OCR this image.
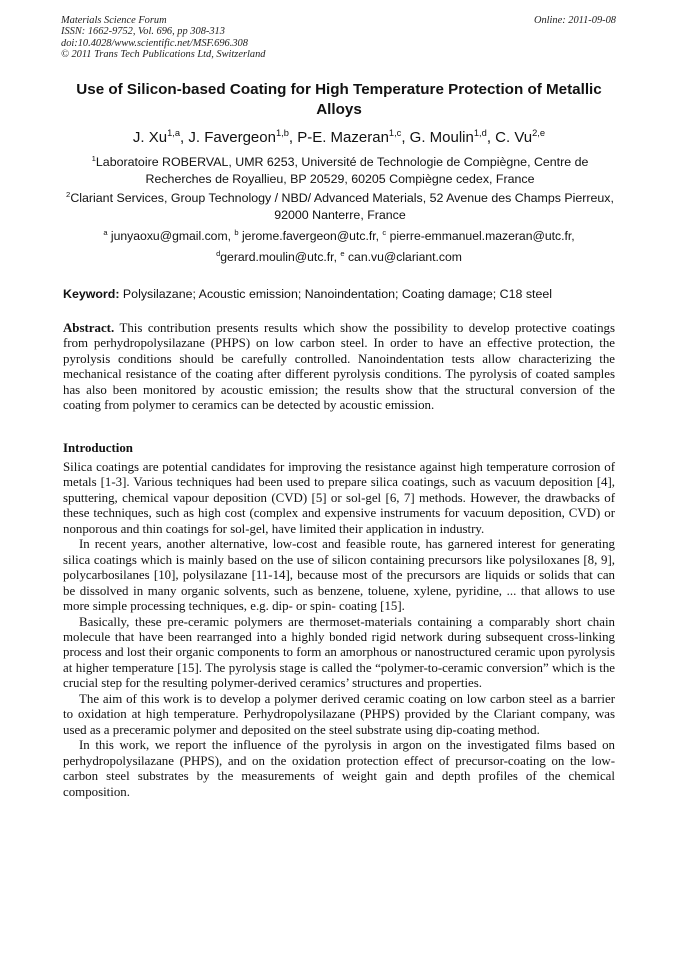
Materials Science Forum
ISSN: 1662-9752, Vol. 696, pp 308-313
doi:10.4028/www.scientific.net/MSF.696.308
© 2011 Trans Tech Publications Ltd, Switzerland
Online: 2011-09-08
Use of Silicon-based Coating for High Temperature Protection of Metallic Alloys
J. Xu$^{1,a}$, J. Favergeon$^{1,b}$, P-E. Mazeran$^{1,c}$, G. Moulin$^{1,d}$, C. Vu$^{2,e}$
$^1$Laboratoire ROBERVAL, UMR 6253, Université de Technologie de Compiègne, Centre de Recherches de Royallieu, BP 20529, 60205 Compiègne cedex, France
$^2$Clariant Services, Group Technology / NBD/ Advanced Materials, 52 Avenue des Champs Pierreux, 92000 Nanterre, France
$^a$ junyaoxu@gmail.com, $^b$ jerome.favergeon@utc.fr, $^c$ pierre-emmanuel.mazeran@utc.fr,
$^d$gerard.moulin@utc.fr, $^e$ can.vu@clariant.com
Keyword: Polysilazane; Acoustic emission; Nanoindentation; Coating damage; C18 steel
Abstract. This contribution presents results which show the possibility to develop protective coatings from perhydropolysilazane (PHPS) on low carbon steel. In order to have an effective protection, the pyrolysis conditions should be carefully controlled. Nanoindentation tests allow characterizing the mechanical resistance of the coating after different pyrolysis conditions. The pyrolysis of coated samples has also been monitored by acoustic emission; the results show that the structural conversion of the coating from polymer to ceramics can be detected by acoustic emission.
Introduction

Silica coatings are potential candidates for improving the resistance against high temperature corrosion of metals [1-3]. Various techniques had been used to prepare silica coatings, such as vacuum deposition [4], sputtering, chemical vapour deposition (CVD) [5] or sol-gel [6, 7] methods. However, the drawbacks of these techniques, such as high cost (complex and expensive instruments for vacuum deposition, CVD) or nonporous and thin coatings for sol-gel, have limited their application in industry.

In recent years, another alternative, low-cost and feasible route, has garnered interest for generating silica coatings which is mainly based on the use of silicon containing precursors like polysiloxanes [8, 9], polycarbosilanes [10], polysilazane [11-14], because most of the precursors are liquids or solids that can be dissolved in many organic solvents, such as benzene, toluene, xylene, pyridine, ... that allows to use more simple processing techniques, e.g. dip- or spin- coating [15].

Basically, these pre-ceramic polymers are thermoset-materials containing a comparably short chain molecule that have been rearranged into a highly bonded rigid network during subsequent cross-linking process and lost their organic components to form an amorphous or nanostructured ceramic upon pyrolysis at higher temperature [15]. The pyrolysis stage is called the “polymer-to-ceramic conversion” which is the crucial step for the resulting polymer-derived ceramics’ structures and properties.

The aim of this work is to develop a polymer derived ceramic coating on low carbon steel as a barrier to oxidation at high temperature. Perhydropolysilazane (PHPS) provided by the Clariant company, was used as a preceramic polymer and deposited on the steel substrate using dip-coating method.

In this work, we report the influence of the pyrolysis in argon on the investigated films based on perhydropolysilazane (PHPS), and on the oxidation protection effect of precursor-coating on the low-carbon steel substrates by the measurements of weight gain and depth profiles of the chemical composition.
